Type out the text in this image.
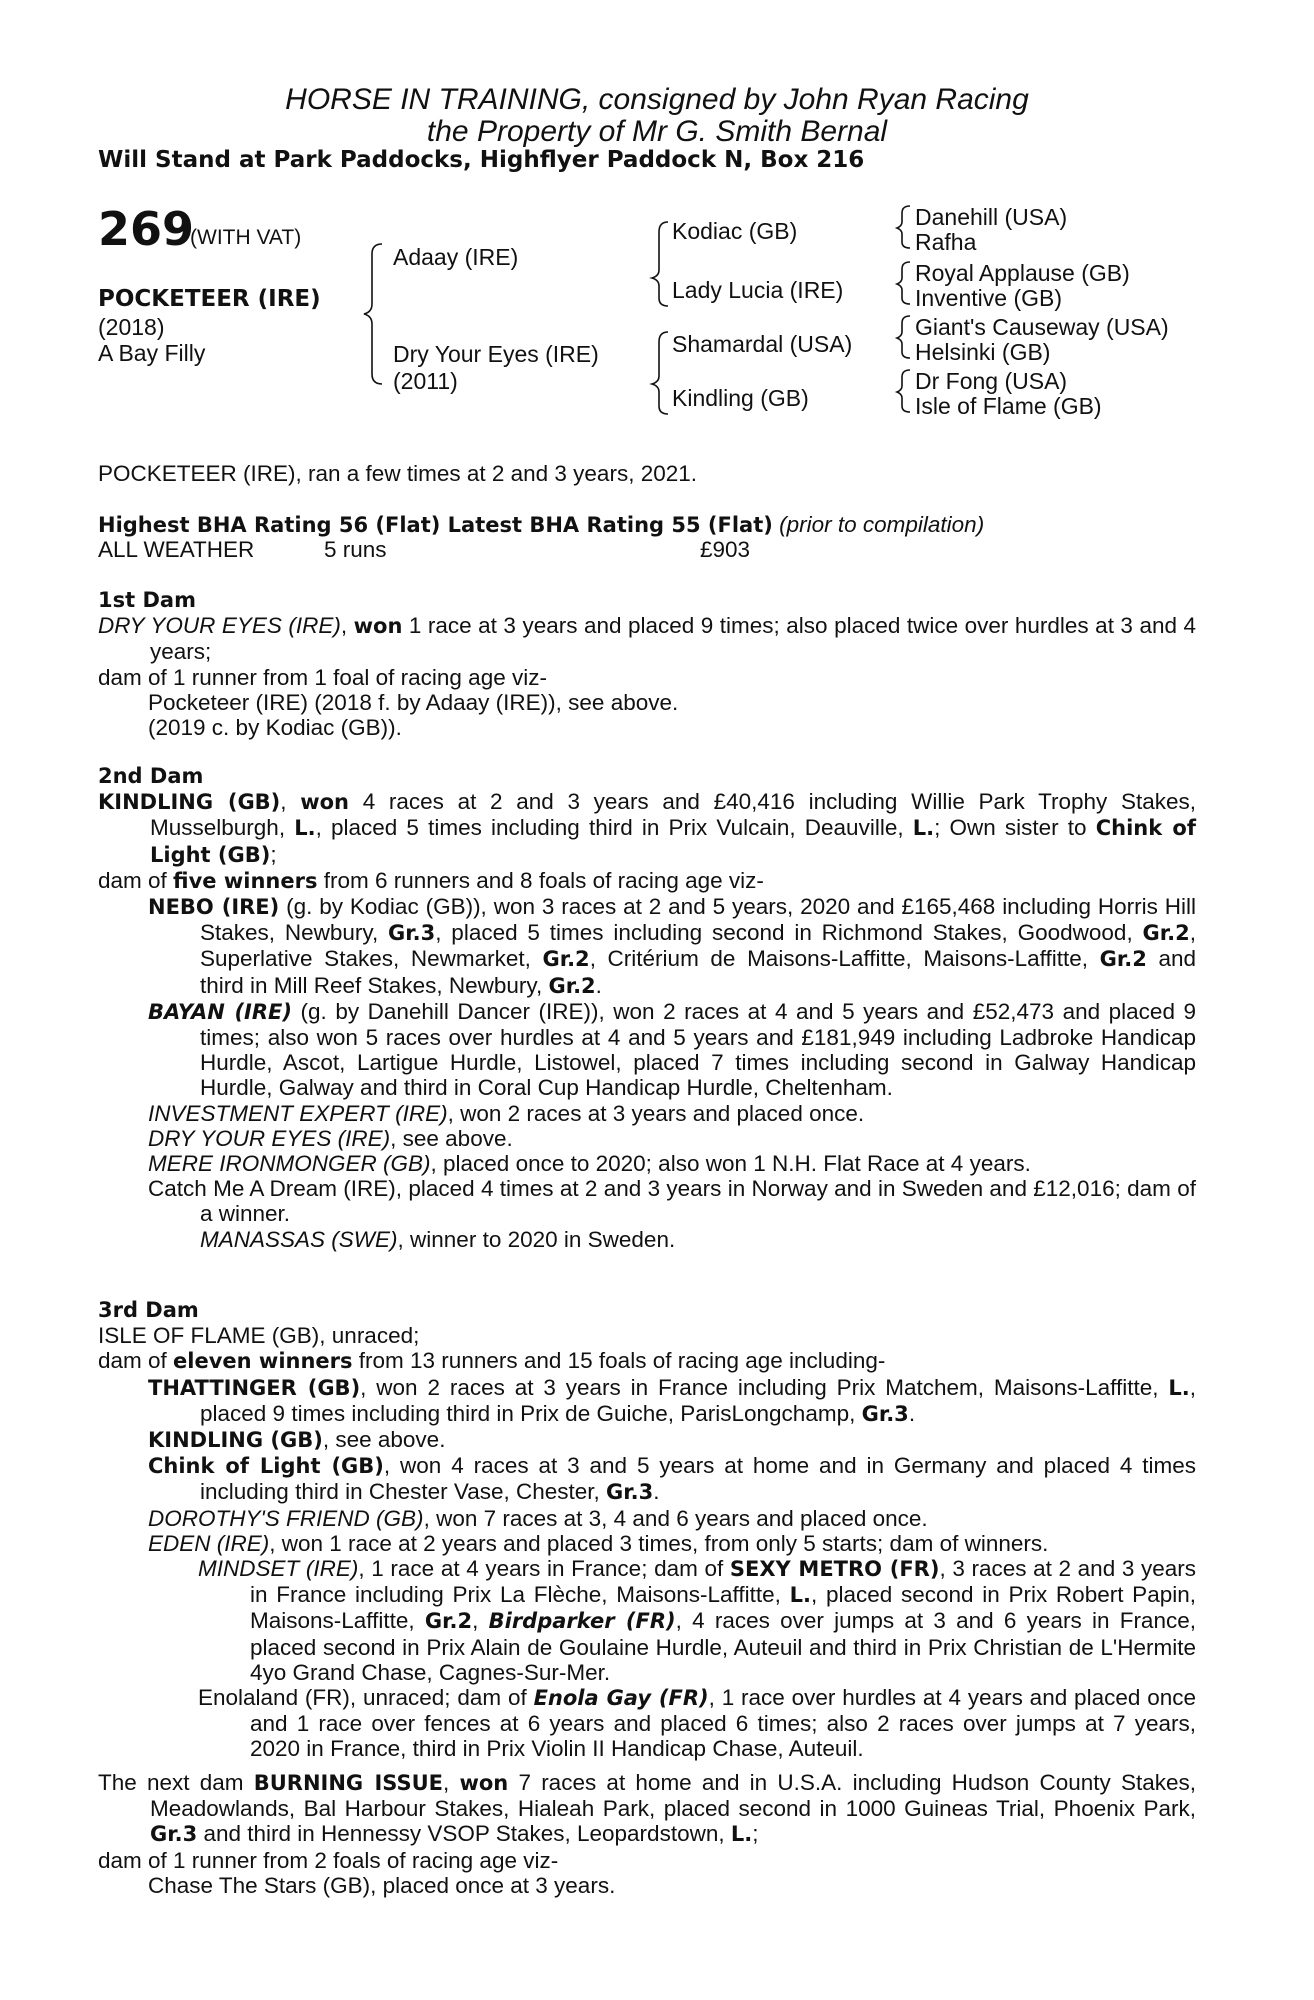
HORSE IN TRAINING, consigned by John Ryan Racing
the Property of Mr G. Smith Bernal
Will Stand at Park Paddocks, Highflyer Paddock N, Box 216
269
(WITH VAT)
POCKETEER (IRE)
(2018)
A Bay Filly
Adaay (IRE)
Dry Your Eyes (IRE)
(2011)
Kodiac (GB)
Lady Lucia (IRE)
Shamardal (USA)
Kindling (GB)
Danehill (USA)
Rafha
Royal Applause (GB)
Inventive (GB)
Giant's Causeway (USA)
Helsinki (GB)
Dr Fong (USA)
Isle of Flame (GB)
POCKETEER (IRE), ran a few times at 2 and 3 years, 2021.
Highest BHA Rating 56 (Flat) Latest BHA Rating 55 (Flat) (prior to compilation)
ALL WEATHER	5 runs	£903
1st Dam
DRY YOUR EYES (IRE), won 1 race at 3 years and placed 9 times; also placed twice over hurdles at 3 and 4 years;
dam of 1 runner from 1 foal of racing age viz-
Pocketeer (IRE) (2018 f. by Adaay (IRE)), see above.
(2019 c. by Kodiac (GB)).
2nd Dam
KINDLING (GB), won 4 races at 2 and 3 years and £40,416 including Willie Park Trophy Stakes, Musselburgh, L., placed 5 times including third in Prix Vulcain, Deauville, L.; Own sister to Chink of Light (GB);
dam of five winners from 6 runners and 8 foals of racing age viz-
NEBO (IRE) (g. by Kodiac (GB)), won 3 races at 2 and 5 years, 2020 and £165,468 including Horris Hill Stakes, Newbury, Gr.3, placed 5 times including second in Richmond Stakes, Goodwood, Gr.2, Superlative Stakes, Newmarket, Gr.2, Critérium de Maisons-Laffitte, Maisons-Laffitte, Gr.2 and third in Mill Reef Stakes, Newbury, Gr.2.
BAYAN (IRE) (g. by Danehill Dancer (IRE)), won 2 races at 4 and 5 years and £52,473 and placed 9 times; also won 5 races over hurdles at 4 and 5 years and £181,949 including Ladbroke Handicap Hurdle, Ascot, Lartigue Hurdle, Listowel, placed 7 times including second in Galway Handicap Hurdle, Galway and third in Coral Cup Handicap Hurdle, Cheltenham.
INVESTMENT EXPERT (IRE), won 2 races at 3 years and placed once.
DRY YOUR EYES (IRE), see above.
MERE IRONMONGER (GB), placed once to 2020; also won 1 N.H. Flat Race at 4 years.
Catch Me A Dream (IRE), placed 4 times at 2 and 3 years in Norway and in Sweden and £12,016; dam of a winner.
MANASSAS (SWE), winner to 2020 in Sweden.
3rd Dam
ISLE OF FLAME (GB), unraced;
dam of eleven winners from 13 runners and 15 foals of racing age including-
THATTINGER (GB), won 2 races at 3 years in France including Prix Matchem, Maisons-Laffitte, L., placed 9 times including third in Prix de Guiche, ParisLongchamp, Gr.3.
KINDLING (GB), see above.
Chink of Light (GB), won 4 races at 3 and 5 years at home and in Germany and placed 4 times including third in Chester Vase, Chester, Gr.3.
DOROTHY'S FRIEND (GB), won 7 races at 3, 4 and 6 years and placed once.
EDEN (IRE), won 1 race at 2 years and placed 3 times, from only 5 starts; dam of winners.
MINDSET (IRE), 1 race at 4 years in France; dam of SEXY METRO (FR), 3 races at 2 and 3 years in France including Prix La Flèche, Maisons-Laffitte, L., placed second in Prix Robert Papin, Maisons-Laffitte, Gr.2, Birdparker (FR), 4 races over jumps at 3 and 6 years in France, placed second in Prix Alain de Goulaine Hurdle, Auteuil and third in Prix Christian de L'Hermite 4yo Grand Chase, Cagnes-Sur-Mer.
Enolaland (FR), unraced; dam of Enola Gay (FR), 1 race over hurdles at 4 years and placed once and 1 race over fences at 6 years and placed 6 times; also 2 races over jumps at 7 years, 2020 in France, third in Prix Violin II Handicap Chase, Auteuil.
The next dam BURNING ISSUE, won 7 races at home and in U.S.A. including Hudson County Stakes, Meadowlands, Bal Harbour Stakes, Hialeah Park, placed second in 1000 Guineas Trial, Phoenix Park, Gr.3 and third in Hennessy VSOP Stakes, Leopardstown, L.;
dam of 1 runner from 2 foals of racing age viz-
Chase The Stars (GB), placed once at 3 years.
